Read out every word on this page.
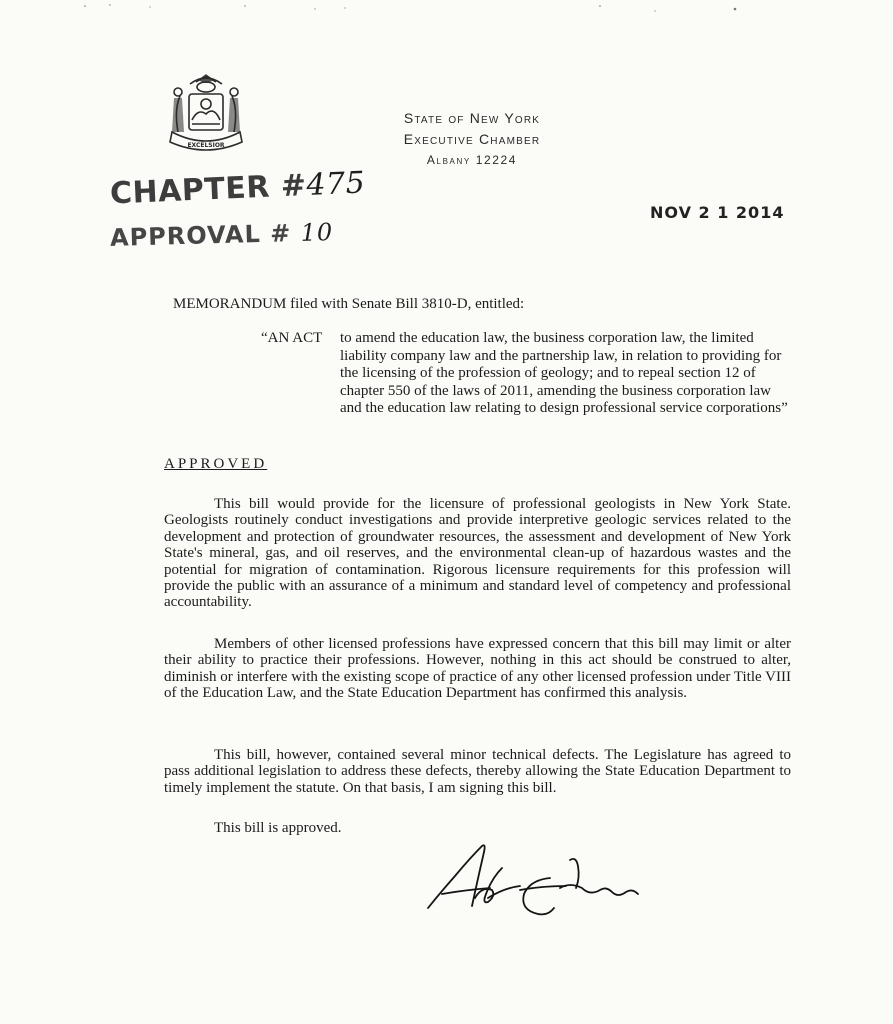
EXCELSIOR
State of New York
Executive Chamber
Albany 12224
CHAPTER #475
APPROVAL # 10
NOV 2 1 2014
MEMORANDUM filed with Senate Bill 3810-D, entitled:
“AN ACT to amend the education law, the business corporation law, the limited liability company law and the partnership law, in relation to providing for the licensing of the profession of geology; and to repeal section 12 of chapter 550 of the laws of 2011, amending the business corporation law and the education law relating to design professional service corporations”
APPROVED

This bill would provide for the licensure of professional geologists in New York State. Geologists routinely conduct investigations and provide interpretive geologic services related to the development and protection of groundwater resources, the assessment and development of New York State's mineral, gas, and oil reserves, and the environmental clean-up of hazardous wastes and the potential for migration of contamination. Rigorous licensure requirements for this profession will provide the public with an assurance of a minimum and standard level of competency and professional accountability.

Members of other licensed professions have expressed concern that this bill may limit or alter their ability to practice their professions. However, nothing in this act should be construed to alter, diminish or interfere with the existing scope of practice of any other licensed profession under Title VIII of the Education Law, and the State Education Department has confirmed this analysis.

This bill, however, contained several minor technical defects. The Legislature has agreed to pass additional legislation to address these defects, thereby allowing the State Education Department to timely implement the statute. On that basis, I am signing this bill.

This bill is approved.
